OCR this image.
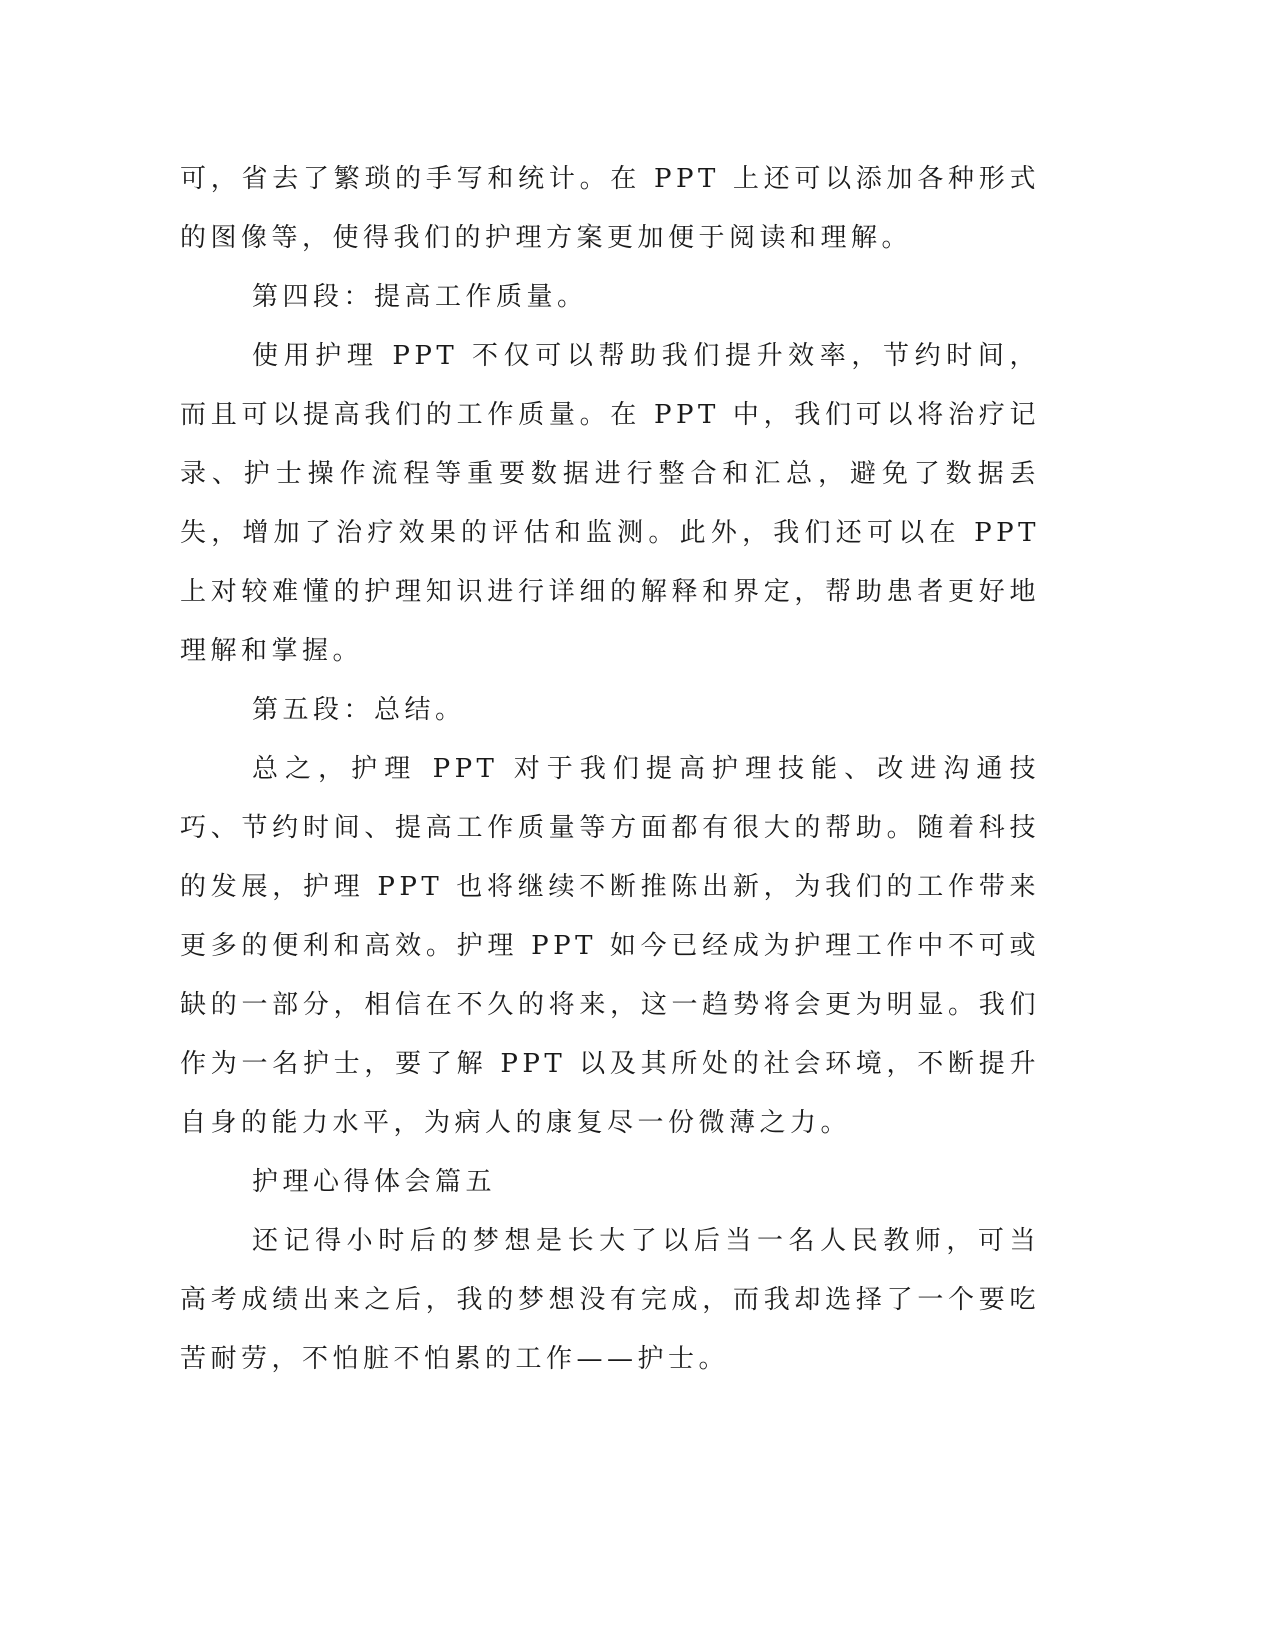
可，省去了繁琐的手写和统计。在 PPT 上还可以添加各种形式的图像等，使得我们的护理方案更加便于阅读和理解。

第四段：提高工作质量。

使用护理 PPT 不仅可以帮助我们提升效率，节约时间，而且可以提高我们的工作质量。在 PPT 中，我们可以将治疗记录、护士操作流程等重要数据进行整合和汇总，避免了数据丢失，增加了治疗效果的评估和监测。此外，我们还可以在 PPT 上对较难懂的护理知识进行详细的解释和界定，帮助患者更好地理解和掌握。

第五段：总结。

总之，护理 PPT 对于我们提高护理技能、改进沟通技巧、节约时间、提高工作质量等方面都有很大的帮助。随着科技的发展，护理 PPT 也将继续不断推陈出新，为我们的工作带来更多的便利和高效。护理 PPT 如今已经成为护理工作中不可或缺的一部分，相信在不久的将来，这一趋势将会更为明显。我们作为一名护士，要了解 PPT 以及其所处的社会环境，不断提升自身的能力水平，为病人的康复尽一份微薄之力。

护理心得体会篇五

还记得小时后的梦想是长大了以后当一名人民教师，可当高考成绩出来之后，我的梦想没有完成，而我却选择了一个要吃苦耐劳，不怕脏不怕累的工作——护士。
